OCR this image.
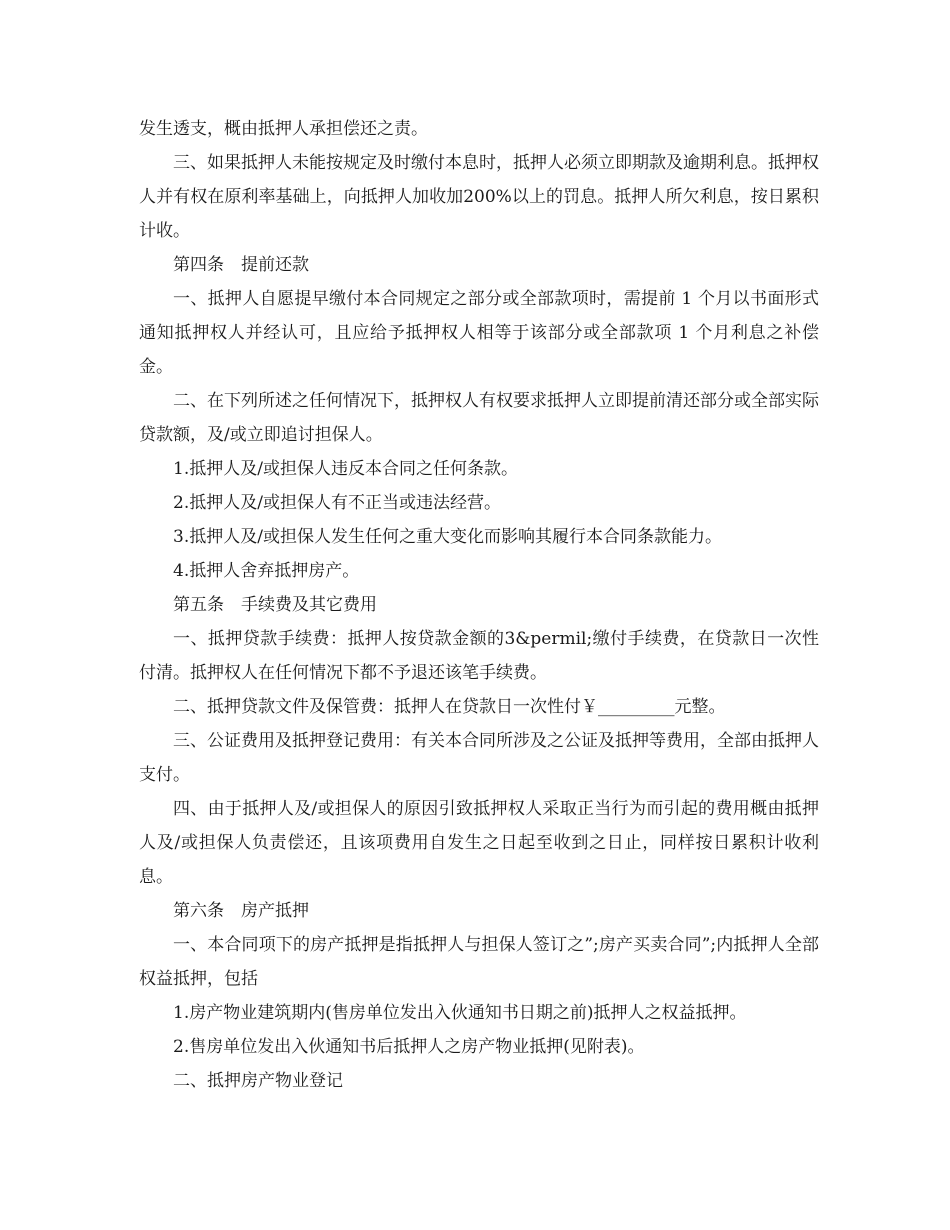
发生透支，概由抵押人承担偿还之责。

三、如果抵押人未能按规定及时缴付本息时，抵押人必须立即期款及逾期利息。抵押权人并有权在原利率基础上，向抵押人加收加200%以上的罚息。抵押人所欠利息，按日累积计收。

第四条　提前还款

一、抵押人自愿提早缴付本合同规定之部分或全部款项时，需提前 1 个月以书面形式通知抵押权人并经认可，且应给予抵押权人相等于该部分或全部款项 1 个月利息之补偿金。

二、在下列所述之任何情况下，抵押权人有权要求抵押人立即提前清还部分或全部实际贷款额，及/或立即追讨担保人。

1.抵押人及/或担保人违反本合同之任何条款。

2.抵押人及/或担保人有不正当或违法经营。

3.抵押人及/或担保人发生任何之重大变化而影响其履行本合同条款能力。

4.抵押人舍弃抵押房产。

第五条　手续费及其它费用

一、抵押贷款手续费：抵押人按贷款金额的3&permil;缴付手续费，在贷款日一次性付清。抵押权人在任何情况下都不予退还该笔手续费。

二、抵押贷款文件及保管费：抵押人在贷款日一次性付￥_________元整。

三、公证费用及抵押登记费用：有关本合同所涉及之公证及抵押等费用，全部由抵押人支付。

四、由于抵押人及/或担保人的原因引致抵押权人采取正当行为而引起的费用概由抵押人及/或担保人负责偿还，且该项费用自发生之日起至收到之日止，同样按日累积计收利息。

第六条　房产抵押

一、本合同项下的房产抵押是指抵押人与担保人签订之”;房产买卖合同”;内抵押人全部权益抵押，包括

1.房产物业建筑期内(售房单位发出入伙通知书日期之前)抵押人之权益抵押。

2.售房单位发出入伙通知书后抵押人之房产物业抵押(见附表)。

二、抵押房产物业登记
